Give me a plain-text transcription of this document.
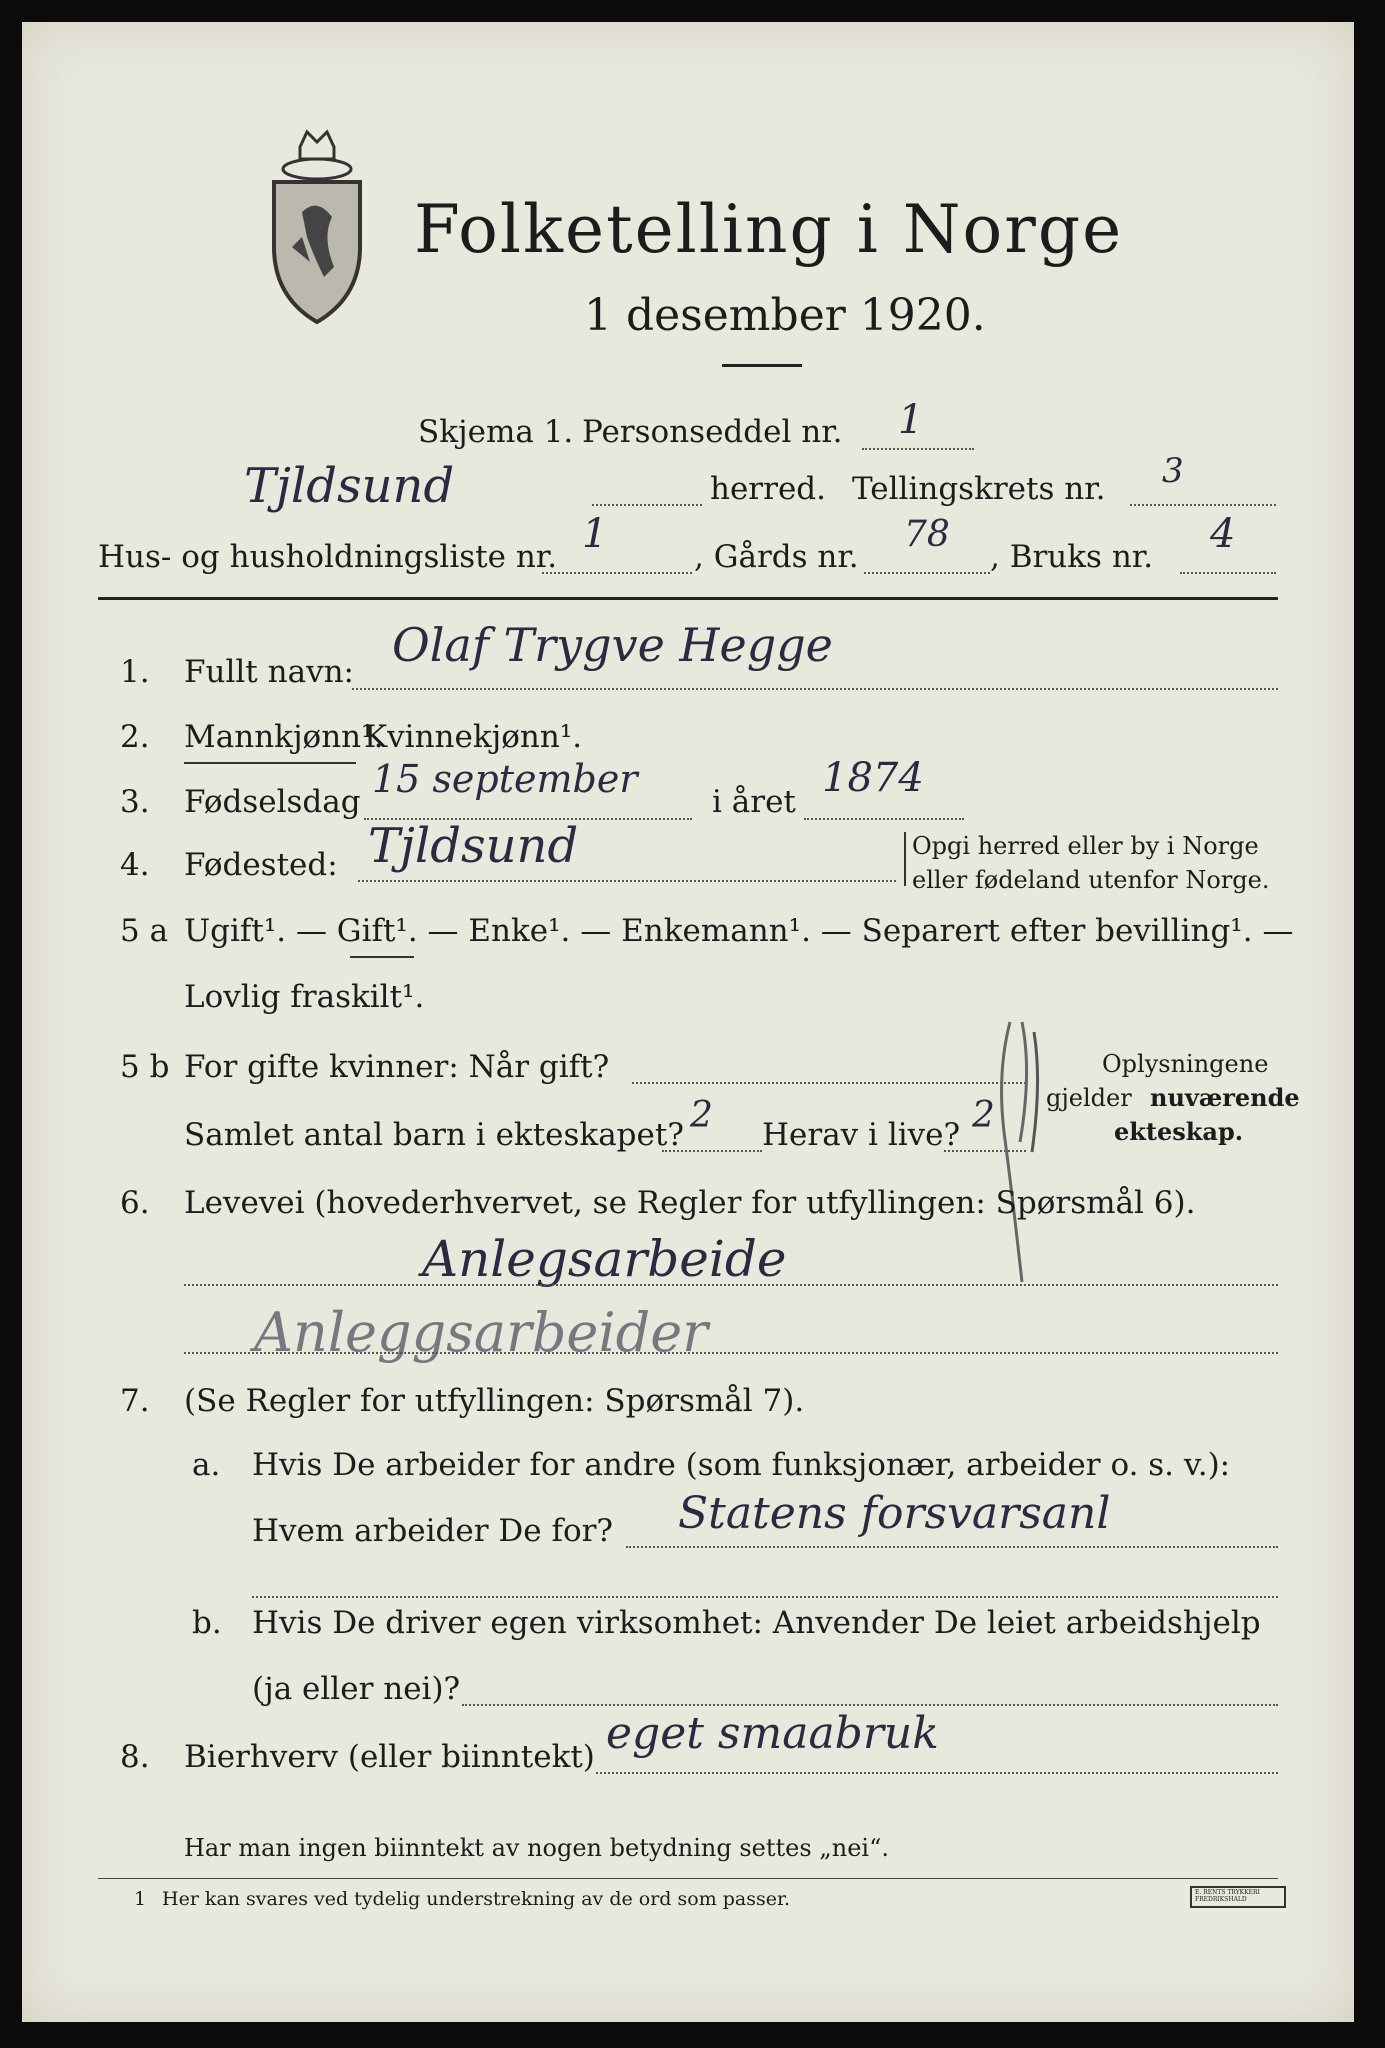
Folketelling i Norge
1 desember 1920.
Skjema 1. Personseddel nr. 1
Tjldsund	herred. Tellingskrets nr. 3
Hus- og husholdningsliste nr. 1	, Gårds nr.
78
, Bruks nr. 4
1. Fullt navn: Olaf Trygve Hegge
2. Mannkjønn¹.
Kvinnekjønn¹.
3. Fødselsdag
15 september
i året
1874
4. Fødested: Tjldsund	Opgi herred eller by i Norge
eller fødeland utenfor Norge.
5 a Ugift¹. — Gift¹. — Enke¹. — Enkemann¹. — Separert efter bevilling¹. —
Lovlig fraskilt¹.
5 b For gifte kvinner: Når gift?
Samlet antal barn i ekteskapet? 2 Herav i live? 2
Oplysningene
gjelder nuværende
ekteskap.
6. Levevei (hovederhvervet, se Regler for utfyllingen: Spørsmål 6).
Anlegsarbeide
Anleggsarbeider
7. (Se Regler for utfyllingen: Spørsmål 7).
a. Hvis De arbeider for andre (som funksjonær, arbeider o. s. v.):
Hvem arbeider De for? Statens forsvarsanl
b. Hvis De driver egen virksomhet: Anvender De leiet arbeidshjelp
(ja eller nei)?
8. Bierhverv (eller biinntekt) eget smaabruk
Har man ingen biinntekt av nogen betydning settes „nei“.
1 Her kan svares ved tydelig understrekning av de ord som passer.	E. RENTS TRYKKERI FREDRIKSHALD
